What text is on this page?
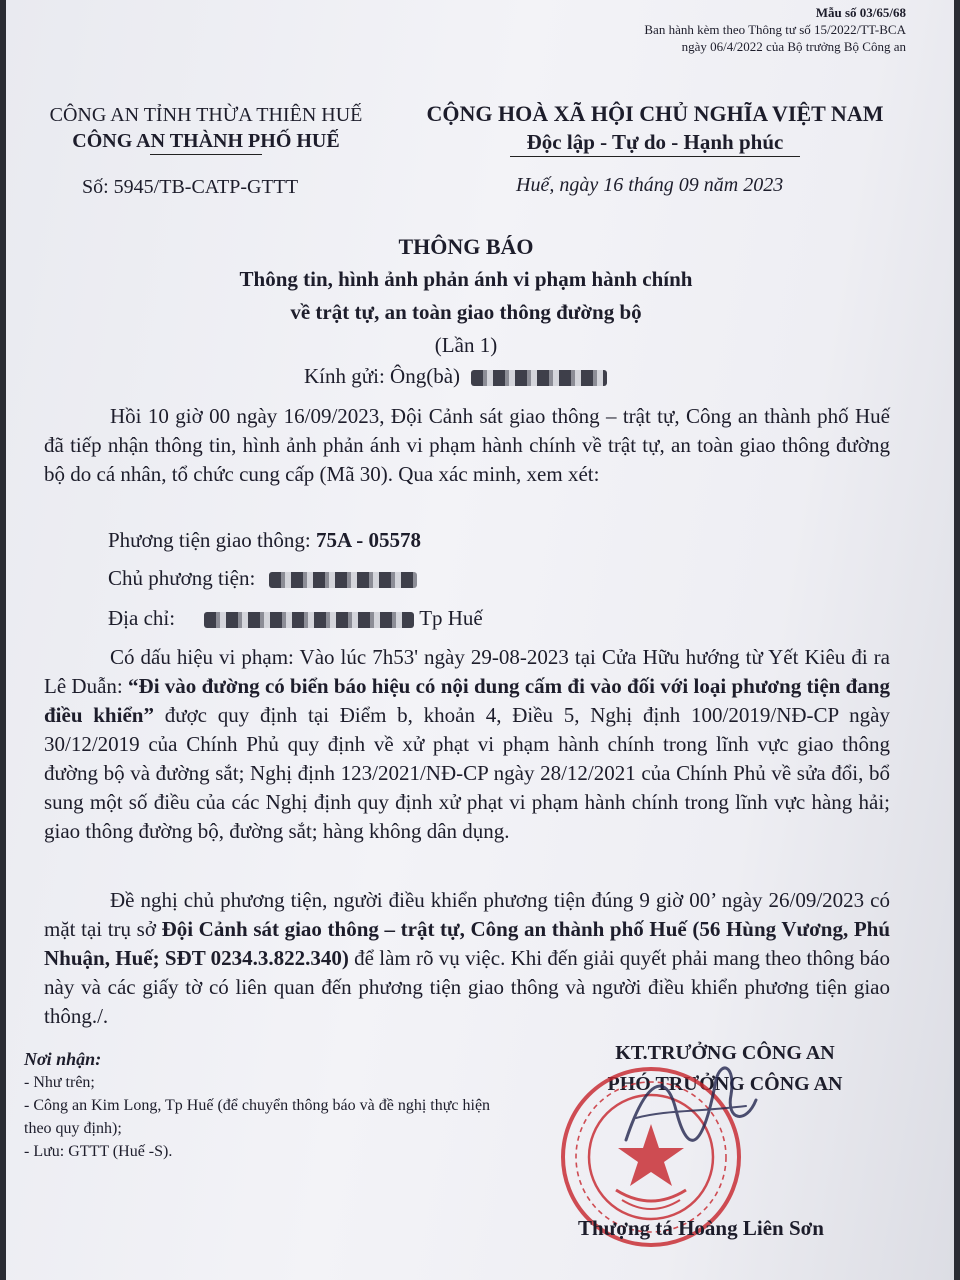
Mẫu số 03/65/68
Ban hành kèm theo Thông tư số 15/2022/TT-BCA
ngày 06/4/2022 của Bộ trưởng Bộ Công an
CÔNG AN TỈNH THỪA THIÊN HUẾ
CÔNG AN THÀNH PHỐ HUẾ
CỘNG HOÀ XÃ HỘI CHỦ NGHĨA VIỆT NAM
Độc lập - Tự do - Hạnh phúc
Số: 5945/TB-CATP-GTTT	Huế, ngày 16 tháng 09 năm 2023
THÔNG BÁO
Thông tin, hình ảnh phản ánh vi phạm hành chính
về trật tự, an toàn giao thông đường bộ
(Lần 1)
Kính gửi: Ông(bà)

Hồi 10 giờ 00 ngày 16/09/2023, Đội Cảnh sát giao thông – trật tự, Công an thành phố Huế đã tiếp nhận thông tin, hình ảnh phản ánh vi phạm hành chính về trật tự, an toàn giao thông đường bộ do cá nhân, tổ chức cung cấp (Mã 30). Qua xác minh, xem xét:

Phương tiện giao thông: 75A - 05578
Chủ phương tiện:
Địa chỉ:	Tp Huế

Có dấu hiệu vi phạm: Vào lúc 7h53' ngày 29-08-2023 tại Cửa Hữu hướng từ Yết Kiêu đi ra Lê Duẫn: “Đi vào đường có biển báo hiệu có nội dung cấm đi vào đối với loại phương tiện đang điều khiển” được quy định tại Điểm b, khoản 4, Điều 5, Nghị định 100/2019/NĐ-CP ngày 30/12/2019 của Chính Phủ quy định về xử phạt vi phạm hành chính trong lĩnh vực giao thông đường bộ và đường sắt; Nghị định 123/2021/NĐ-CP ngày 28/12/2021 của Chính Phủ về sửa đổi, bổ sung một số điều của các Nghị định quy định xử phạt vi phạm hành chính trong lĩnh vực hàng hải; giao thông đường bộ, đường sắt; hàng không dân dụng.

Đề nghị chủ phương tiện, người điều khiển phương tiện đúng 9 giờ 00’ ngày 26/09/2023 có mặt tại trụ sở Đội Cảnh sát giao thông – trật tự, Công an thành phố Huế (56 Hùng Vương, Phú Nhuận, Huế; SĐT 0234.3.822.340) để làm rõ vụ việc. Khi đến giải quyết phải mang theo thông báo này và các giấy tờ có liên quan đến phương tiện giao thông và người điều khiển phương tiện giao thông./.

Nơi nhận:
- Như trên;
- Công an Kim Long, Tp Huế (để chuyển thông báo và đề nghị thực hiện theo quy định);
- Lưu: GTTT (Huế -S).
KT.TRƯỞNG CÔNG AN
PHÓ TRƯỞNG CÔNG AN
Thượng tá Hoàng Liên Sơn
